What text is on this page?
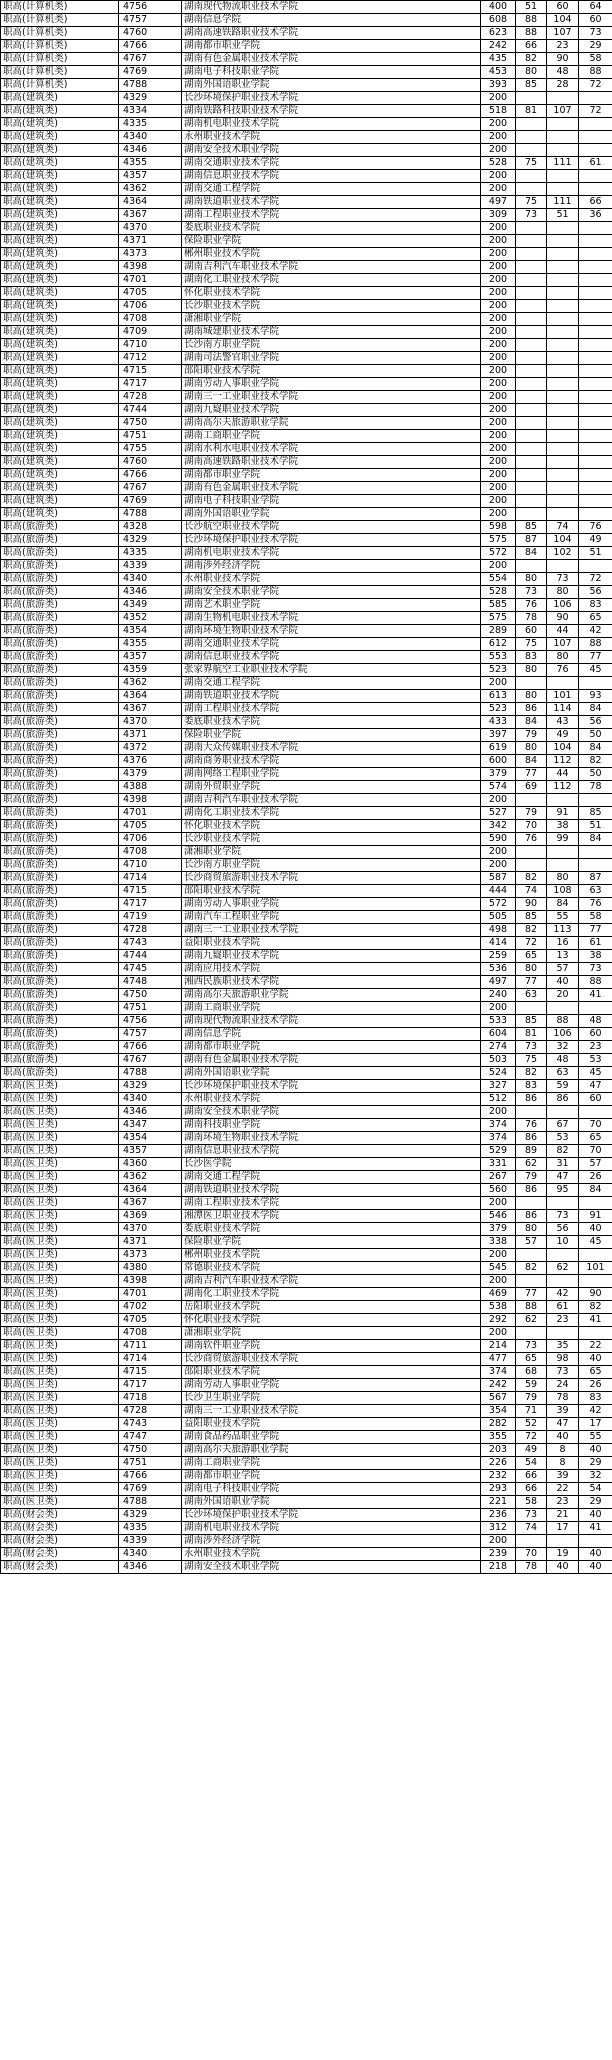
职高(计算机类)	4756	湖南现代物流职业技术学院	400	51	60	64
职高(计算机类)	4757	湖南信息学院	608	88	104	60
职高(计算机类)	4760	湖南高速铁路职业技术学院	623	88	107	73
职高(计算机类)	4766	湖南都市职业学院	242	66	23	29
职高(计算机类)	4767	湖南有色金属职业技术学院	435	82	90	58
职高(计算机类)	4769	湖南电子科技职业学院	453	80	48	88
职高(计算机类)	4788	湖南外国语职业学院	393	85	28	72
职高(建筑类)	4329	长沙环境保护职业技术学院	200			
职高(建筑类)	4334	湖南铁路科技职业技术学院	518	81	107	72
职高(建筑类)	4335	湖南机电职业技术学院	200			
职高(建筑类)	4340	永州职业技术学院	200			
职高(建筑类)	4346	湖南安全技术职业学院	200			
职高(建筑类)	4355	湖南交通职业技术学院	528	75	111	61
职高(建筑类)	4357	湖南信息职业技术学院	200			
职高(建筑类)	4362	湖南交通工程学院	200			
职高(建筑类)	4364	湖南铁道职业技术学院	497	75	111	66
职高(建筑类)	4367	湖南工程职业技术学院	309	73	51	36
职高(建筑类)	4370	娄底职业技术学院	200			
职高(建筑类)	4371	保险职业学院	200			
职高(建筑类)	4373	郴州职业技术学院	200			
职高(建筑类)	4398	湖南吉利汽车职业技术学院	200			
职高(建筑类)	4701	湖南化工职业技术学院	200			
职高(建筑类)	4705	怀化职业技术学院	200			
职高(建筑类)	4706	长沙职业技术学院	200			
职高(建筑类)	4708	潇湘职业学院	200			
职高(建筑类)	4709	湖南城建职业技术学院	200			
职高(建筑类)	4710	长沙南方职业学院	200			
职高(建筑类)	4712	湖南司法警官职业学院	200			
职高(建筑类)	4715	邵阳职业技术学院	200			
职高(建筑类)	4717	湖南劳动人事职业学院	200			
职高(建筑类)	4728	湖南三一工业职业技术学院	200			
职高(建筑类)	4744	湖南九嶷职业技术学院	200			
职高(建筑类)	4750	湖南高尔夫旅游职业学院	200			
职高(建筑类)	4751	湖南工商职业学院	200			
职高(建筑类)	4755	湖南水利水电职业技术学院	200			
职高(建筑类)	4760	湖南高速铁路职业技术学院	200			
职高(建筑类)	4766	湖南都市职业学院	200			
职高(建筑类)	4767	湖南有色金属职业技术学院	200			
职高(建筑类)	4769	湖南电子科技职业学院	200			
职高(建筑类)	4788	湖南外国语职业学院	200			
职高(旅游类)	4328	长沙航空职业技术学院	598	85	74	76
职高(旅游类)	4329	长沙环境保护职业技术学院	575	87	104	49
职高(旅游类)	4335	湖南机电职业技术学院	572	84	102	51
职高(旅游类)	4339	湖南涉外经济学院	200			
职高(旅游类)	4340	永州职业技术学院	554	80	73	72
职高(旅游类)	4346	湖南安全技术职业学院	528	73	80	56
职高(旅游类)	4349	湖南艺术职业学院	585	76	106	83
职高(旅游类)	4352	湖南生物机电职业技术学院	575	78	90	65
职高(旅游类)	4354	湖南环境生物职业技术学院	289	60	44	42
职高(旅游类)	4355	湖南交通职业技术学院	612	75	107	88
职高(旅游类)	4357	湖南信息职业技术学院	553	83	80	77
职高(旅游类)	4359	张家界航空工业职业技术学院	523	80	76	45
职高(旅游类)	4362	湖南交通工程学院	200			
职高(旅游类)	4364	湖南铁道职业技术学院	613	80	101	93
职高(旅游类)	4367	湖南工程职业技术学院	523	86	114	84
职高(旅游类)	4370	娄底职业技术学院	433	84	43	56
职高(旅游类)	4371	保险职业学院	397	79	49	50
职高(旅游类)	4372	湖南大众传媒职业技术学院	619	80	104	84
职高(旅游类)	4376	湖南商务职业技术学院	600	84	112	82
职高(旅游类)	4379	湖南网络工程职业学院	379	77	44	50
职高(旅游类)	4388	湖南外贸职业学院	574	69	112	78
职高(旅游类)	4398	湖南吉利汽车职业技术学院	200			
职高(旅游类)	4701	湖南化工职业技术学院	527	79	91	85
职高(旅游类)	4705	怀化职业技术学院	342	70	38	51
职高(旅游类)	4706	长沙职业技术学院	590	76	99	84
职高(旅游类)	4708	潇湘职业学院	200			
职高(旅游类)	4710	长沙南方职业学院	200			
职高(旅游类)	4714	长沙商贸旅游职业技术学院	587	82	80	87
职高(旅游类)	4715	邵阳职业技术学院	444	74	108	63
职高(旅游类)	4717	湖南劳动人事职业学院	572	90	84	76
职高(旅游类)	4719	湖南汽车工程职业学院	505	85	55	58
职高(旅游类)	4728	湖南三一工业职业技术学院	498	82	113	77
职高(旅游类)	4743	益阳职业技术学院	414	72	16	61
职高(旅游类)	4744	湖南九嶷职业技术学院	259	65	13	38
职高(旅游类)	4745	湖南应用技术学院	536	80	57	73
职高(旅游类)	4748	湘西民族职业技术学院	497	77	40	88
职高(旅游类)	4750	湖南高尔夫旅游职业学院	240	63	20	41
职高(旅游类)	4751	湖南工商职业学院	200			
职高(旅游类)	4756	湖南现代物流职业技术学院	533	85	88	48
职高(旅游类)	4757	湖南信息学院	604	81	106	60
职高(旅游类)	4766	湖南都市职业学院	274	73	32	23
职高(旅游类)	4767	湖南有色金属职业技术学院	503	75	48	53
职高(旅游类)	4788	湖南外国语职业学院	524	82	63	45
职高(医卫类)	4329	长沙环境保护职业技术学院	327	83	59	47
职高(医卫类)	4340	永州职业技术学院	512	86	86	60
职高(医卫类)	4346	湖南安全技术职业学院	200			
职高(医卫类)	4347	湖南科技职业学院	374	76	67	70
职高(医卫类)	4354	湖南环境生物职业技术学院	374	86	53	65
职高(医卫类)	4357	湖南信息职业技术学院	529	89	82	70
职高(医卫类)	4360	长沙医学院	331	62	31	57
职高(医卫类)	4362	湖南交通工程学院	267	79	47	26
职高(医卫类)	4364	湖南铁道职业技术学院	560	86	95	84
职高(医卫类)	4367	湖南工程职业技术学院	200			
职高(医卫类)	4369	湘潭医卫职业技术学院	546	86	73	91
职高(医卫类)	4370	娄底职业技术学院	379	80	56	40
职高(医卫类)	4371	保险职业学院	338	57	10	45
职高(医卫类)	4373	郴州职业技术学院	200			
职高(医卫类)	4380	常德职业技术学院	545	82	62	101
职高(医卫类)	4398	湖南吉利汽车职业技术学院	200			
职高(医卫类)	4701	湖南化工职业技术学院	469	77	42	90
职高(医卫类)	4702	岳阳职业技术学院	538	88	61	82
职高(医卫类)	4705	怀化职业技术学院	292	62	23	41
职高(医卫类)	4708	潇湘职业学院	200			
职高(医卫类)	4711	湖南软件职业学院	214	73	35	22
职高(医卫类)	4714	长沙商贸旅游职业技术学院	477	65	98	40
职高(医卫类)	4715	邵阳职业技术学院	374	68	73	65
职高(医卫类)	4717	湖南劳动人事职业学院	242	59	24	26
职高(医卫类)	4718	长沙卫生职业学院	567	79	78	83
职高(医卫类)	4728	湖南三一工业职业技术学院	354	71	39	42
职高(医卫类)	4743	益阳职业技术学院	282	52	47	17
职高(医卫类)	4747	湖南食品药品职业学院	355	72	40	55
职高(医卫类)	4750	湖南高尔夫旅游职业学院	203	49	8	40
职高(医卫类)	4751	湖南工商职业学院	226	54	8	29
职高(医卫类)	4766	湖南都市职业学院	232	66	39	32
职高(医卫类)	4769	湖南电子科技职业学院	293	66	22	54
职高(医卫类)	4788	湖南外国语职业学院	221	58	23	29
职高(财会类)	4329	长沙环境保护职业技术学院	236	73	21	40
职高(财会类)	4335	湖南机电职业技术学院	312	74	17	41
职高(财会类)	4339	湖南涉外经济学院	200			
职高(财会类)	4340	永州职业技术学院	239	70	19	40
职高(财会类)	4346	湖南安全技术职业学院	218	78	40	40
